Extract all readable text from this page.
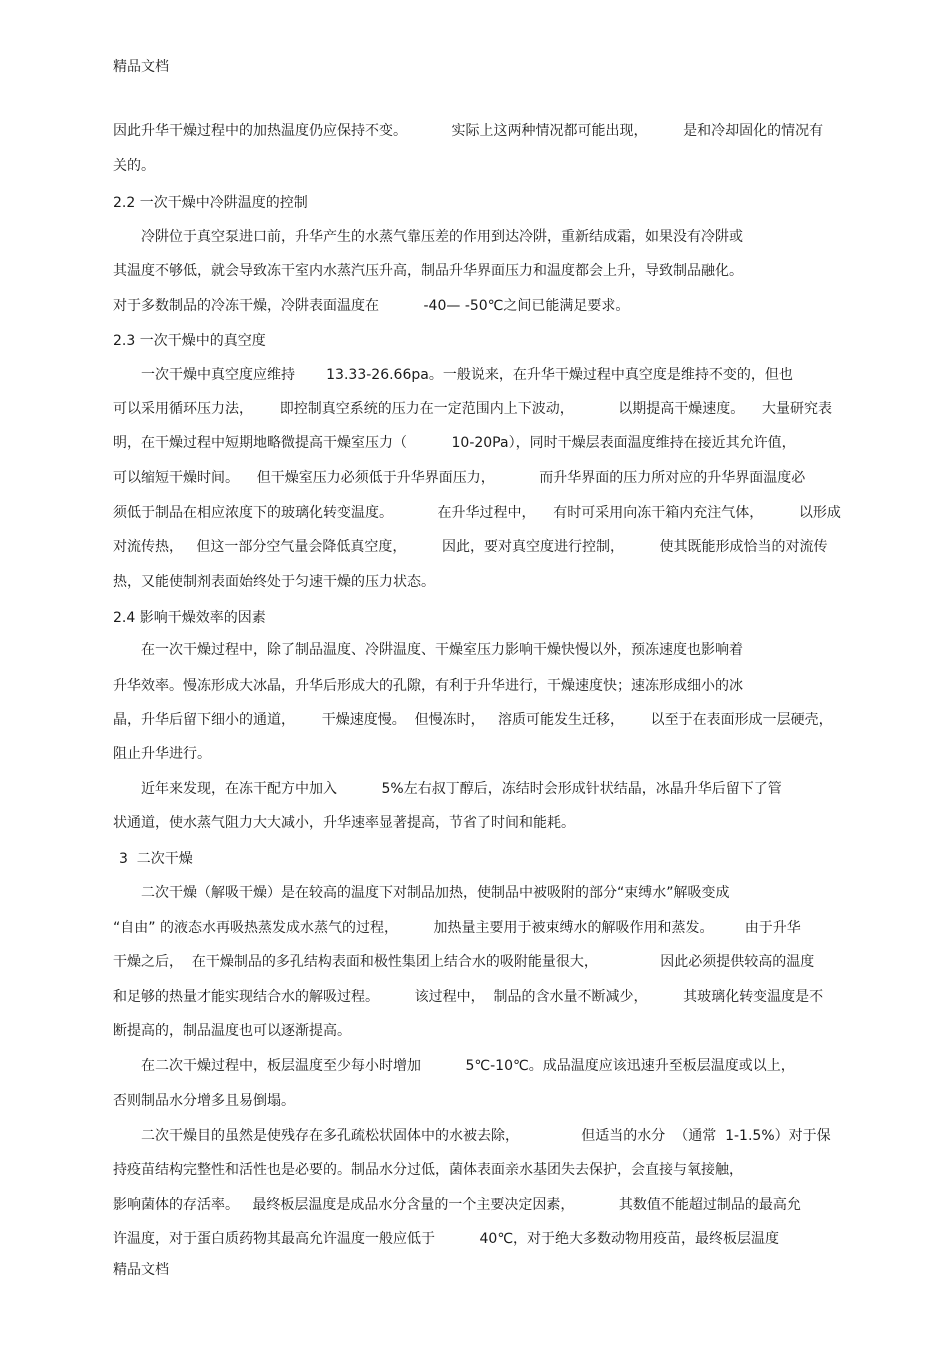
精品文档
因此升华干燥过程中的加热温度仍应保持不变。          实际上这两种情况都可能出现，        是和冷却固化的情况有
关的。
2.2 一次干燥中冷阱温度的控制
冷阱位于真空泵进口前，升华产生的水蒸气靠压差的作用到达冷阱，重新结成霜，如果没有冷阱或
其温度不够低，就会导致冻干室内水蒸汽压升高，制品升华界面压力和温度都会上升，导致制品融化。
对于多数制品的冷冻干燥，冷阱表面温度在          -40— -50℃之间已能满足要求。
2.3 一次干燥中的真空度
一次干燥中真空度应维持       13.33-26.66pa。一般说来，在升华干燥过程中真空度是维持不变的，但也
可以采用循环压力法，      即控制真空系统的压力在一定范围内上下波动，          以期提高干燥速度。    大量研究表
明，在干燥过程中短期地略微提高干燥室压力（          10-20Pa），同时干燥层表面温度维持在接近其允许值，
可以缩短干燥时间。    但干燥室压力必须低于升华界面压力，          而升华界面的压力所对应的升华界面温度必
须低于制品在相应浓度下的玻璃化转变温度。          在升华过程中，    有时可采用向冻干箱内充注气体，        以形成
对流传热，   但这一部分空气量会降低真空度，        因此，要对真空度进行控制，        使其既能形成恰当的对流传
热，又能使制剂表面始终处于匀速干燥的压力状态。
2.4 影响干燥效率的因素
在一次干燥过程中，除了制品温度、冷阱温度、干燥室压力影响干燥快慢以外，预冻速度也影响着
升华效率。慢冻形成大冰晶，升华后形成大的孔隙，有利于升华进行，干燥速度快；速冻形成细小的冰
晶，升华后留下细小的通道，      干燥速度慢。  但慢冻时，   溶质可能发生迁移，      以至于在表面形成一层硬壳，
阻止升华进行。
近年来发现，在冻干配方中加入          5%左右叔丁醇后，冻结时会形成针状结晶，冰晶升华后留下了管
状通道，使水蒸气阻力大大减小，升华速率显著提高，节省了时间和能耗。
3  二次干燥
二次干燥（解吸干燥）是在较高的温度下对制品加热，使制品中被吸附的部分“束缚水”解吸变成
“自由” 的液态水再吸热蒸发成水蒸气的过程，        加热量主要用于被束缚水的解吸作用和蒸发。       由于升华
干燥之后，  在干燥制品的多孔结构表面和极性集团上结合水的吸附能量很大，              因此必须提供较高的温度
和足够的热量才能实现结合水的解吸过程。        该过程中，  制品的含水量不断减少，        其玻璃化转变温度是不
断提高的，制品温度也可以逐渐提高。
在二次干燥过程中，板层温度至少每小时增加          5℃-10℃。成品温度应该迅速升至板层温度或以上，
否则制品水分增多且易倒塌。
二次干燥目的虽然是使残存在多孔疏松状固体中的水被去除，              但适当的水分  （通常  1-1.5%）对于保
持疫苗结构完整性和活性也是必要的。制品水分过低，菌体表面亲水基团失去保护，会直接与氧接触，
影响菌体的存活率。   最终板层温度是成品水分含量的一个主要决定因素，          其数值不能超过制品的最高允
许温度，对于蛋白质药物其最高允许温度一般应低于          40℃，对于绝大多数动物用疫苗，最终板层温度
精品文档
